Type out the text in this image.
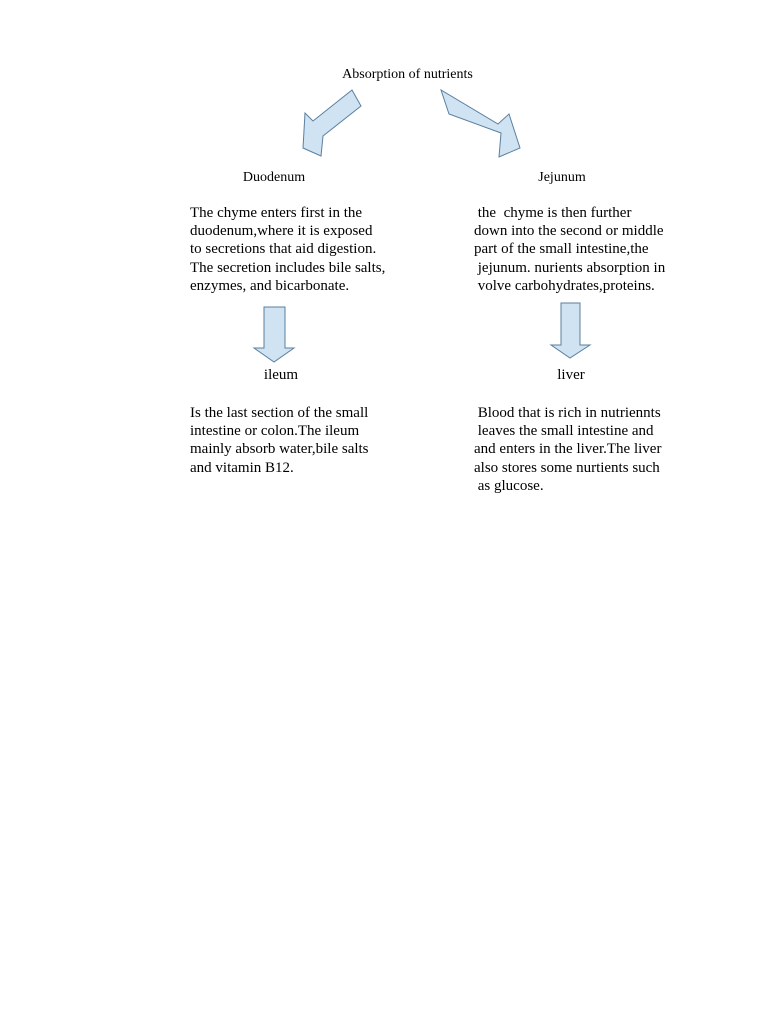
Absorption of nutrients
Duodenum	Jejunum
The chyme enters first in the
duodenum,where it is exposed
to secretions that aid digestion.
The secretion includes bile salts,
enzymes, and bicarbonate.
the  chyme is then further
down into the second or middle
part of the small intestine,the
jejunum. nurients absorption in
volve carbohydrates,proteins.
ileum	liver
Is the last section of the small
intestine or colon.The ileum
mainly absorb water,bile salts
and vitamin B12.
Blood that is rich in nutriennts
leaves the small intestine and
and enters in the liver.The liver
also stores some nurtients such
as glucose.
